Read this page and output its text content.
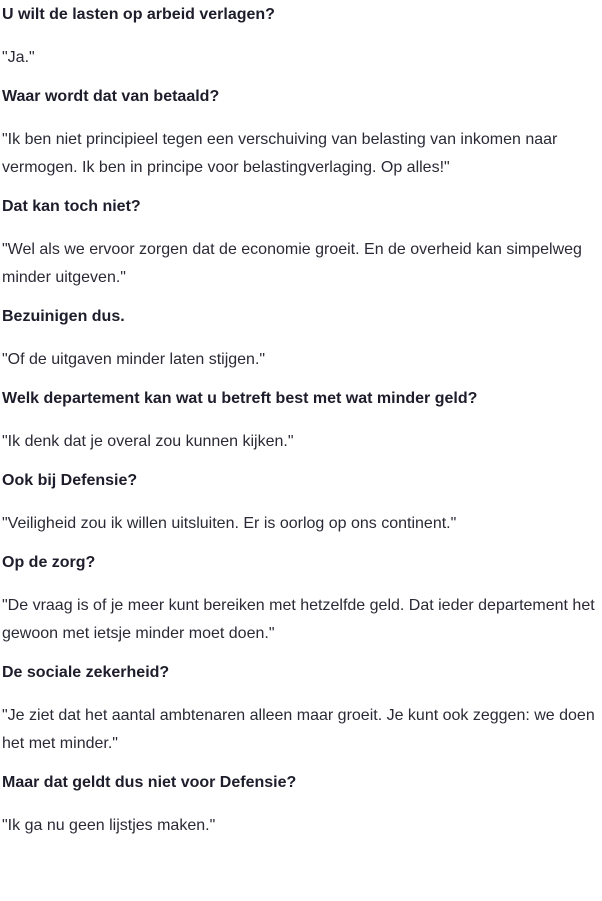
U wilt de lasten op arbeid verlagen?

"Ja."

Waar wordt dat van betaald?

"Ik ben niet principieel tegen een verschuiving van belasting van inkomen naar vermogen. Ik ben in principe voor belastingverlaging. Op alles!"

Dat kan toch niet?

"Wel als we ervoor zorgen dat de economie groeit. En de overheid kan simpelweg minder uitgeven."

Bezuinigen dus.

"Of de uitgaven minder laten stijgen."

Welk departement kan wat u betreft best met wat minder geld?

"Ik denk dat je overal zou kunnen kijken."

Ook bij Defensie?

"Veiligheid zou ik willen uitsluiten. Er is oorlog op ons continent."

Op de zorg?

"De vraag is of je meer kunt bereiken met hetzelfde geld. Dat ieder departement het gewoon met ietsje minder moet doen."

De sociale zekerheid?

"Je ziet dat het aantal ambtenaren alleen maar groeit. Je kunt ook zeggen: we doen het met minder."

Maar dat geldt dus niet voor Defensie?

"Ik ga nu geen lijstjes maken."
